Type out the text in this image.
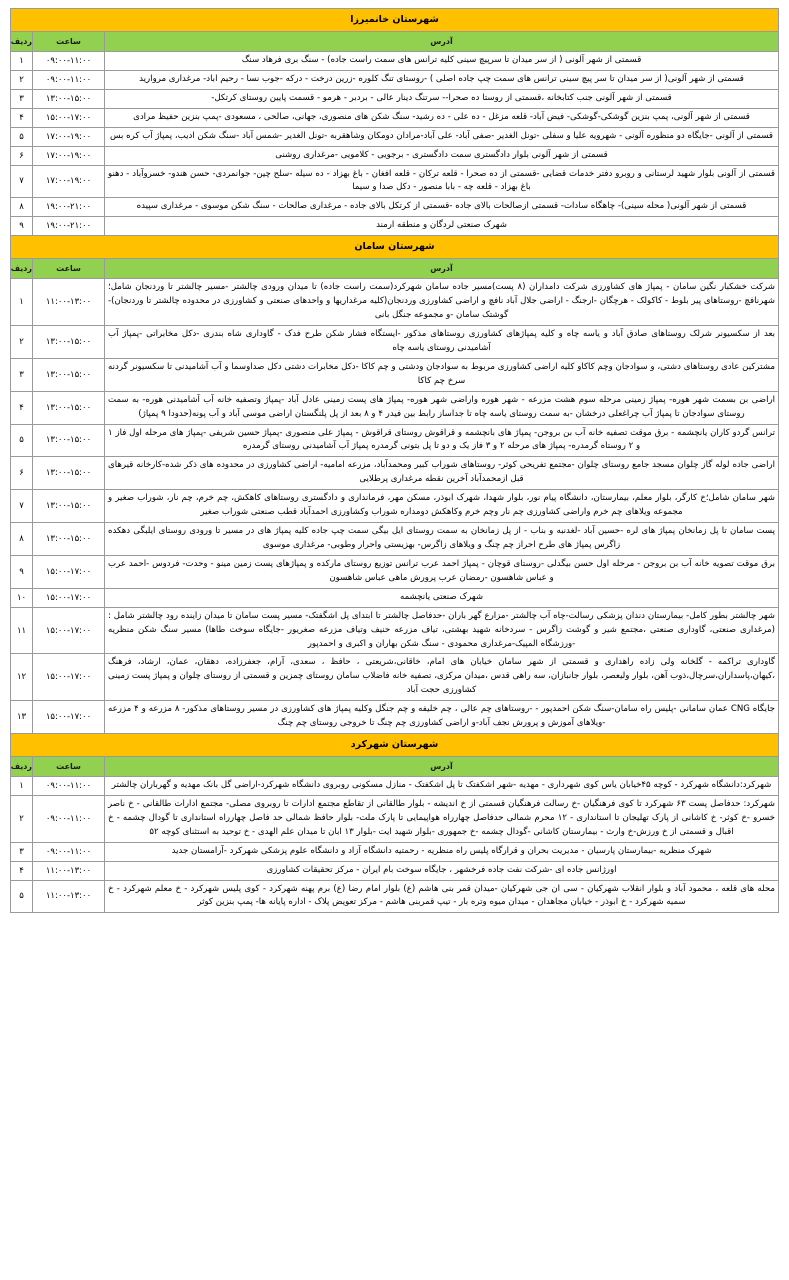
شهرستان خانمیرزا		
آدرس	ساعت	ردیف
قسمتی از شهر آلونی ( از سر میدان تا سرپیچ سینی کلیه ترانس های سمت راست جاده) - سنگ بری فرهاد سنگ	۰۹:۰۰-۱۱:۰۰	۱
قسمتی از شهر آلونی( از سر میدان تا سر پیچ سینی ترانس های سمت چپ جاده اصلی ) -روستای تنگ کلوره -زرین درخت - درکه -جوب نسا - رحیم اباد- مرغداری مروارید	۰۹:۰۰-۱۱:۰۰	۲
قسمتی از شهر آلونی جنب کتابخانه ،قسمتی از روستا ده صحرا-- سرتنگ دینار عالی - بردبر - هرمو - قسمت پایین روستای کرتکل-	۱۳:۰۰-۱۵:۰۰	۳
قسمتی از شهر آلونی، پمپ بنزین گوشکی-گوشکی- فیض آباد- قلعه مزغل - ده علی - ده رشید- سنگ شکن های منصوری، جهانی، صالحی ، مسعودی -پمپ بنزین حفیظ مرادی	۱۵:۰۰-۱۷:۰۰	۴
قسمتی از آلونی -جایگاه دو منظوره آلونی - شهرویه علیا و سفلی -تونل الغدیر -صفی آباد- علی آباد-مرادان دومکان وشاهقربه -تونل الغدیر -شمس آباد -سنگ شکن ادیب، پمپاژ آب کره بس	۱۷:۰۰-۱۹:۰۰	۵
قسمتی از شهر آلونی بلوار دادگستری سمت دادگستری - برجویی - کلامویی -مرغداری روشنی	۱۷:۰۰-۱۹:۰۰	۶
قسمتی از آلونی بلوار شهید لرستانی و روبرو دفتر خدمات قضایی -قسمتی از ده صحرا - قلعه ترکان - قلعه افغان - باغ بهزاد - ده سیله -سلح چین- جوانمردی- حسن هندو- خسروآباد - دهنو باغ بهزاد - قلعه چه - بابا منصور - دکل صدا و سیما	۱۷:۰۰-۱۹:۰۰	۷
قسمتی از شهر آلونی( محله سینی)- چاهگاه سادات- قسمتی ازصالحات بالای جاده -قسمتی از کرتکل بالای جاده - مرغداری صالحات - سنگ شکن موسوی - مرغداری سپیده	۱۹:۰۰-۲۱:۰۰	۸
شهرک صنعتی لردگان و منطقه ارمند	۱۹:۰۰-۲۱:۰۰	۹
شهرستان سامان		
آدرس	ساعت	ردیف
شرکت خشکبار نگین سامان - پمپاژ های کشاورزی شرکت دامداران (۸ پست)مسیر جاده سامان شهرکرد(سمت راست جاده) تا میدان ورودی چالشتر -مسیر چالشتر تا وردنجان شامل؛ شهرنافچ -روستاهای پیر بلوط - کاکولک - هرچگان -ارجنگ - اراضی جلال آباد نافچ و اراضی کشاورزی وردنجان(کلیه مرغداریها و واحدهای صنعتی و کشاورزی در محدوده چالشتر تا وردنجان)-گوشتک سامان -و مجموعه جنگل بانی	۱۱:۰۰-۱۳:۰۰	۱
بعد از سکسیونر شرلک روستاهای صادق آباد و یاسه چاه و کلیه پمپاژهای کشاورزی روستاهای مذکور -ایستگاه فشار شکن طرح فدک - گاوداری شاه بندری -دکل مخابراتی -پمپاژ آب آشامیدنی روستای یاسه چاه	۱۳:۰۰-۱۵:۰۰	۲
مشترکین عادی روستاهای دشتی، و سوادجان وچم کاکاو کلیه اراضی کشاورزی مربوط به سوادجان ودشتی و چم کاکا -دکل مخابرات دشتی دکل صداوسما و آب آشامیدنی تا سکسیونر گردنه سرخ چم کاکا	۱۳:۰۰-۱۵:۰۰	۳
اراضی بن بسمت شهر هوره- پمپاژ زمینی مرحله سوم هشت مزرعه - شهر هوره واراضی شهر هوره- پمپاژ های پست زمینی عادل آباد -پمپاژ وتصفیه خانه آب آشامیدنی هوره- به سمت روستای سوادجان تا پمپاژ آب چراغعلی درخشان -به سمت روستای یاسه چاه تا جداساز رابط بین فیدر ۴ و ۸ بعد از پل پلنگستان اراضی موسی آباد و آب پونه(حدودا ۹ پمپاژ)	۱۳:۰۰-۱۵:۰۰	۴
ترانس گردو کاران یانچشمه - برق موقت تصفیه خانه آب بن بروجن- پمپاژ های بانچشمه و قراقوش روستای قراقوش - پمپاژ علی منصوری -پمپاژ حسین شریفی -پمپاژ های مرحله اول فاز ۱ و ۲ روستاه گرمدره- پمپاژ های مرحله ۲ و ۳ فاز یک و دو تا پل بتونی گرمدره پمپاژ آب آشامیدنی روستای گرمدره	۱۳:۰۰-۱۵:۰۰	۵
اراضی جاده لوله گاز چلوان مسجد جامع روستای چلوان -مجتمع تفریحی کوثر- روستاهای شوراب کبیر ومحمدآباد، مزرعه امامیه- اراضی کشاورزی در محدوده های ذکر شده-کارخانه قیرهای قبل ازمحمدآباد آخرین نقطه مرغداری پرطلایی	۱۳:۰۰-۱۵:۰۰	۶
شهر سامان شامل؛خ کارگر، بلوار معلم، بیمارستان، دانشگاه پیام نور، بلوار شهدا، شهرک ابوذر، مسکن مهر، فرمانداری و دادگستری روستاهای کاهکش، چم خرم، چم نار، شوراب صغیر و مجموعه ویلاهای چم خرم واراضی کشاورزی چم نار وچم خرم وکاهکش دومداره شوراب وکشاورزی احمدآباد قطب صنعتی شوراب صغیر	۱۳:۰۰-۱۵:۰۰	۷
پست سامان تا پل زمانخان پمپاژ های لره -حسین آباد -لغدنبه و بناب - از پل زمانخان به سمت روستای ایل بیگی سمت چپ جاده کلیه پمپاژ های در مسیر تا ورودی روستای ایلبگی دهکده زاگرس پمپاژ های طرح احراز چم چنگ و ویلاهای زاگرس- بهزیستی واحرار وطوبی- مرغداری موسوی	۱۳:۰۰-۱۵:۰۰	۸
برق موقت تصویه خانه آب بن بروجن - مرحله اول حسن بیگدلی -روستای قوچان - پمپاژ احمد عرب ترانس توزیع روستای مارکده و پمپاژهای پست زمین مینو - وحدت- فردوس -احمد عرب و عباس شاهسون -رمضان عرب پرورش ماهی عباس شاهسون	۱۵:۰۰-۱۷:۰۰	۹
شهرک صنعتی یانچشمه	۱۵:۰۰-۱۷:۰۰	۱۰
شهر چالشتر بطور کامل- بیمارستان دندان پزشکی رسالت-چاه آب چالشتر -مزارع گهر باران -حدفاصل چالشتر تا ابتدای پل اشگفتک- مسیر پست سامان تا میدان زاینده رود چالشتر شامل :(مرغداری صنعتی، گاوداری صنعتی ،مجتمع شیر و گوشت زاگرس - سردخانه شهید بهشتی، تیاف مزرعه حنیف وتیاف مزرعه صغریور -جایگاه سوخت طاها) مسیر سنگ شکن منظریه -ورزشگاه المپیک-مرغداری محمودی - سنگ شکن بهاران و اکبری و احمدپور	۱۵:۰۰-۱۷:۰۰	۱۱
گاوداری تراکمه - گلخانه ولی زاده راهداری و قسمتی از شهر سامان خیابان های امام، خاقانی،شریعتی ، حافظ ، سعدی، آرام، جعفرزاده، دهقان، عمان، ارشاد، فرهنگ ،کیهان،پاسداران،سرچال،ذوب آهن، بلوار ولیعصر، بلوار جانبازان، سه راهی قدس ،میدان مرکزی، تصفیه خانه فاضلاب سامان روستای چمزین و قسمتی از روستای چلوان و پمپاژ پست زمینی کشاورزی حجت آباد	۱۵:۰۰-۱۷:۰۰	۱۲
جایگاه CNG عمان سامانی -پلیس راه سامان-سنگ شکن احمدپور - -روستاهای چم عالی ، چم خلیفه و چم جنگل وکلیه پمپاژ های کشاورزی در مسیر روستاهای مذکور- ۸ مزرعه و ۴ مزرعه -ویلاهای آموزش و پرورش نجف آباد-و اراضی کشاورزی چم چنگ تا خروجی روستای چم چنگ	۱۵:۰۰-۱۷:۰۰	۱۳
شهرستان شهرکرد		
آدرس	ساعت	ردیف
شهرکرد:دانشگاه شهرکرد - کوچه ۴۵خیابان یاس کوی شهرداری - مهدیه -شهر اشکفتک تا پل اشکفتک - منازل مسکونی روبروی دانشگاه شهرکرد-اراضی گل بانک مهدیه و گهرباران چالشتر	۰۹:۰۰-۱۱:۰۰	۱
شهرکرد: حدفاصل پست ۶۳ شهرکرد تا کوی فرهنگیان -خ رسالت فرهنگیان قسمتی از خ اندیشه - بلوار طالقانی از تقاطع مجتمع ادارات تا روبروی مصلی- مجتمع ادارات طالقانی - خ ناصر خسرو -خ کوثر- خ کاشانی از پارک تهلیجان تا استانداری - ۱۲ محرم شمالی حدفاصل چهارراه هواپیمایی تا پارک ملت- بلوار حافظ شمالی حد فاصل چهارراه استانداری تا گودال چشمه - خ اقبال و قسمتی از خ ورزش-خ وارث - بیمارستان کاشانی -گودال چشمه -خ جمهوری -بلوار شهید ایت -بلوار ۱۳ ابان تا میدان علم الهدی - خ توحید به استثنای کوچه ۵۲	۰۹:۰۰-۱۱:۰۰	۲
شهرک منظریه -بیمارستان پارسیان - مدیریت بحران و قرارگاه پلیس راه منظریه - رحمتیه دانشگاه آزاد و دانشگاه علوم پزشکی شهرکرد -آرامستان جدید	۰۹:۰۰-۱۱:۰۰	۳
اورژانس جاده ای -شرکت نفت جاده فرخشهر ، جایگاه سوخت بام ایران - مرکز تحقیقات کشاورزی	۱۱:۰۰-۱۳:۰۰	۴
محله های قلعه ، محمود آباد و بلوار انقلاب شهرکیان - سی ان جی شهرکیان -میدان قمر بنی هاشم (ع) بلوار امام رضا (ع) برم پهنه شهرکرد - کوی پلیس شهرکرد - خ معلم شهرکرد - خ سمیه شهرکرد - خ ابوذر - خیابان مجاهدان - میدان میوه وتره بار - تیپ قمربنی هاشم - مرکز تعویض پلاک - اداره پایانه ها- پمپ بنزین کوثر	۱۱:۰۰-۱۳:۰۰	۵
